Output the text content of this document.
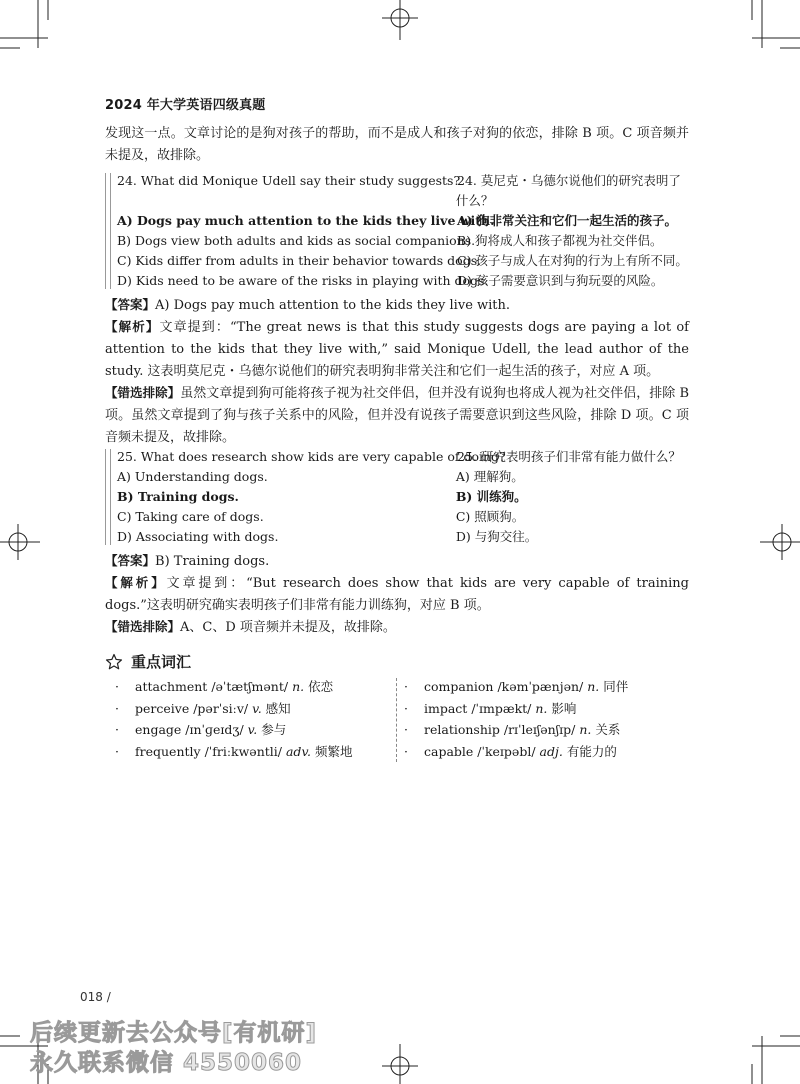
2024 年大学英语四级真题
发现这一点。文章讨论的是狗对孩子的帮助，而不是成人和孩子对狗的依恋，排除 B 项。C 项音频并未提及，故排除。
24. What did Monique Udell say their study suggests?
24. 莫尼克・乌德尔说他们的研究表明了
什么？
A) Dogs pay much attention to the kids they live with.
A) 狗非常关注和它们一起生活的孩子。
B) Dogs view both adults and kids as social companions.
B) 狗将成人和孩子都视为社交伴侣。
C) Kids differ from adults in their behavior towards dogs.
C) 孩子与成人在对狗的行为上有所不同。
D) Kids need to be aware of the risks in playing with dogs.
D) 孩子需要意识到与狗玩耍的风险。
【答案】A) Dogs pay much attention to the kids they live with.
【解析】文章提到：“The great news is that this study suggests dogs are paying a lot of attention to the kids that they live with,” said Monique Udell, the lead author of the study. 这表明莫尼克・乌德尔说他们的研究表明狗非常关注和它们一起生活的孩子，对应 A 项。
【错选排除】虽然文章提到狗可能将孩子视为社交伴侣，但并没有说狗也将成人视为社交伴侣，排除 B 项。虽然文章提到了狗与孩子关系中的风险，但并没有说孩子需要意识到这些风险，排除 D 项。C 项音频未提及，故排除。
25. What does research show kids are very capable of doing?
25. 研究表明孩子们非常有能力做什么？
A) Understanding dogs.	A) 理解狗。
B) Training dogs.	B) 训练狗。
C) Taking care of dogs.	C) 照顾狗。
D) Associating with dogs.	D) 与狗交往。
【答案】B) Training dogs.
【解析】文章提到：“But research does show that kids are very capable of training dogs.”这表明研究确实表明孩子们非常有能力训练狗，对应 B 项。
【错选排除】A、C、D 项音频并未提及，故排除。
重点词汇
· attachment /əˈtætʃmənt/ n. 依恋
· perceive /pərˈsiːv/ v. 感知
· engage /ɪnˈɡeɪdʒ/ v. 参与
· frequently /ˈfriːkwəntli/ adv. 频繁地
· companion /kəmˈpænjən/ n. 同伴
· impact /ˈɪmpækt/ n. 影响
· relationship /rɪˈleɪʃənʃɪp/ n. 关系
· capable /ˈkeɪpəbl/ adj. 有能力的
018 /
后续更新去公众号[有机研]
永久联系微信 4550060
